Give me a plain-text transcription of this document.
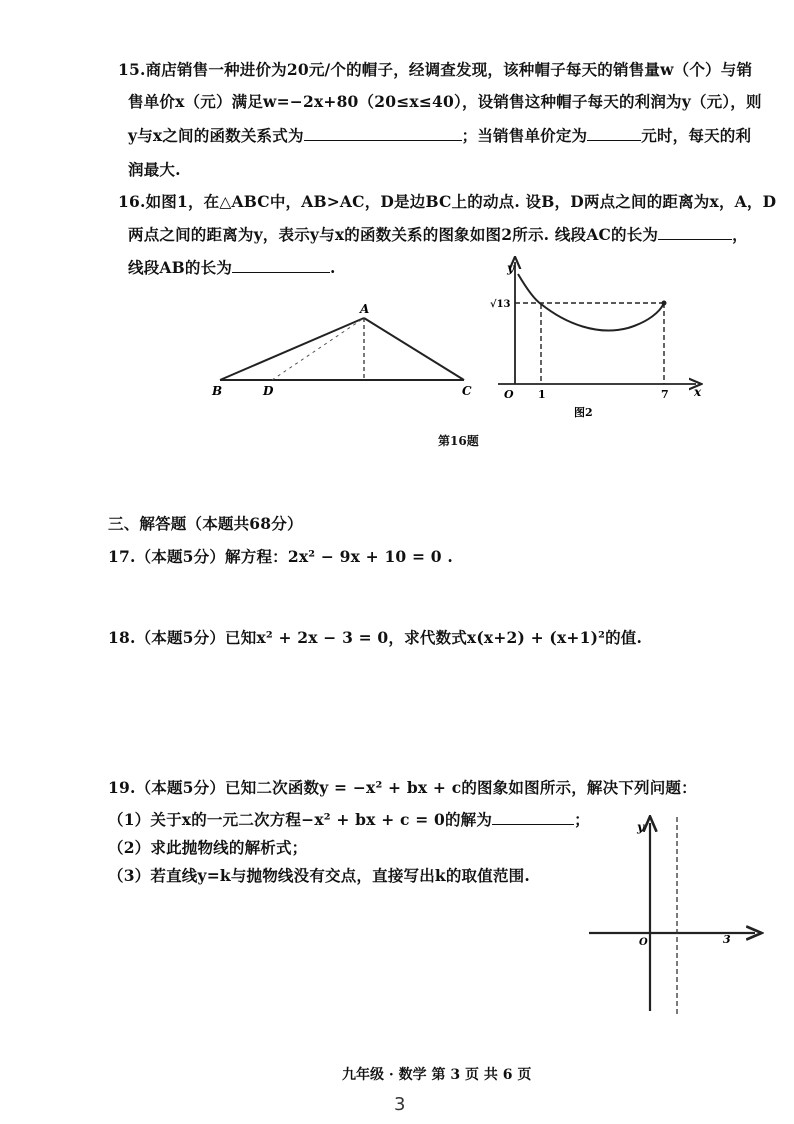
15.商店销售一种进价为20元/个的帽子，经调查发现，该种帽子每天的销售量w（个）与销
售单价x（元）满足w=−2x+80（20≤x≤40），设销售这种帽子每天的利润为y（元），则
y与x之间的函数关系式为	；当销售单价定为	元时，每天的利
润最大.
16.如图1，在△ABC中，AB>AC，D是边BC上的动点. 设B，D两点之间的距离为x，A，D
两点之间的距离为y，表示y与x的函数关系的图象如图2所示. 线段AC的长为	，
线段AB的长为	.
A
B	C
D
y
x
O
√13
1	7
图2
第16题
三、解答题（本题共68分）
17.（本题5分）解方程：2x² − 9x + 10 = 0 .
18.（本题5分）已知x² + 2x − 3 = 0，求代数式x(x+2) + (x+1)²的值.
19.（本题5分）已知二次函数y = −x² + bx + c的图象如图所示，解决下列问题：
（1）关于x的一元二次方程−x² + bx + c = 0的解为	；
（2）求此抛物线的解析式；
（3）若直线y=k与抛物线没有交点，直接写出k的取值范围.
y
O	3
九年级 · 数学 第 3 页 共 6 页
3
